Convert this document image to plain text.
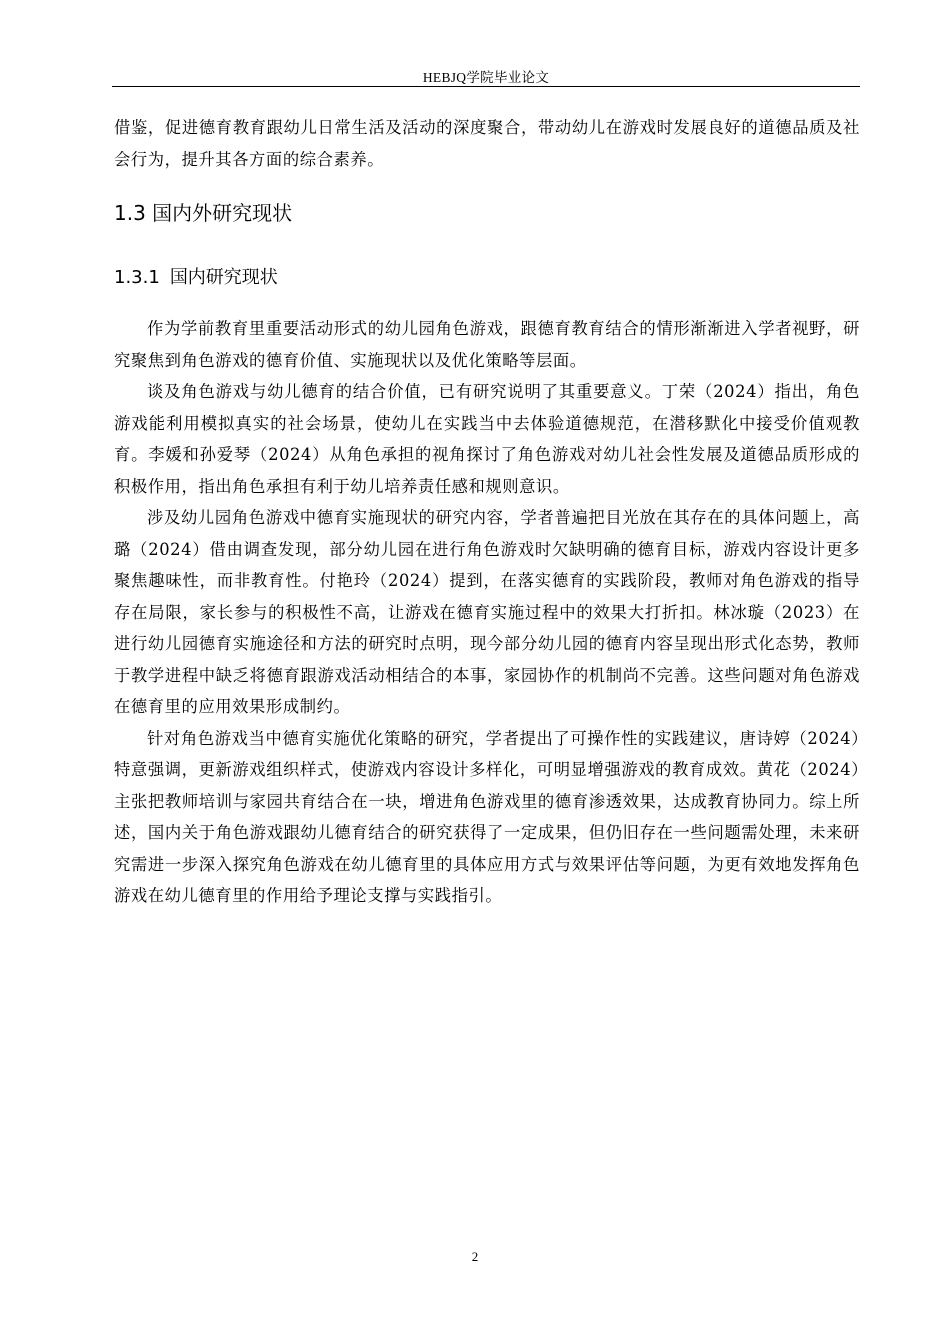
HEBJQ学院毕业论文

借鉴，促进德育教育跟幼儿日常生活及活动的深度聚合，带动幼儿在游戏时发展良好的道德品质及社会行为，提升其各方面的综合素养。

1.3 国内外研究现状
1.3.1 国内研究现状

作为学前教育里重要活动形式的幼儿园角色游戏，跟德育教育结合的情形渐渐进入学者视野，研究聚焦到角色游戏的德育价值、实施现状以及优化策略等层面。

谈及角色游戏与幼儿德育的结合价值，已有研究说明了其重要意义。丁荣（2024）指出，角色游戏能利用模拟真实的社会场景，使幼儿在实践当中去体验道德规范，在潜移默化中接受价值观教育。李媛和孙爱琴（2024）从角色承担的视角探讨了角色游戏对幼儿社会性发展及道德品质形成的积极作用，指出角色承担有利于幼儿培养责任感和规则意识。

涉及幼儿园角色游戏中德育实施现状的研究内容，学者普遍把目光放在其存在的具体问题上，高璐（2024）借由调查发现，部分幼儿园在进行角色游戏时欠缺明确的德育目标，游戏内容设计更多聚焦趣味性，而非教育性。付艳玲（2024）提到，在落实德育的实践阶段，教师对角色游戏的指导存在局限，家长参与的积极性不高，让游戏在德育实施过程中的效果大打折扣。林冰璇（2023）在进行幼儿园德育实施途径和方法的研究时点明，现今部分幼儿园的德育内容呈现出形式化态势，教师于教学进程中缺乏将德育跟游戏活动相结合的本事，家园协作的机制尚不完善。这些问题对角色游戏在德育里的应用效果形成制约。

针对角色游戏当中德育实施优化策略的研究，学者提出了可操作性的实践建议，唐诗婷（2024）特意强调，更新游戏组织样式，使游戏内容设计多样化，可明显增强游戏的教育成效。黄花（2024）主张把教师培训与家园共育结合在一块，增进角色游戏里的德育渗透效果，达成教育协同力。综上所述，国内关于角色游戏跟幼儿德育结合的研究获得了一定成果，但仍旧存在一些问题需处理，未来研究需进一步深入探究角色游戏在幼儿德育里的具体应用方式与效果评估等问题，为更有效地发挥角色游戏在幼儿德育里的作用给予理论支撑与实践指引。

2
